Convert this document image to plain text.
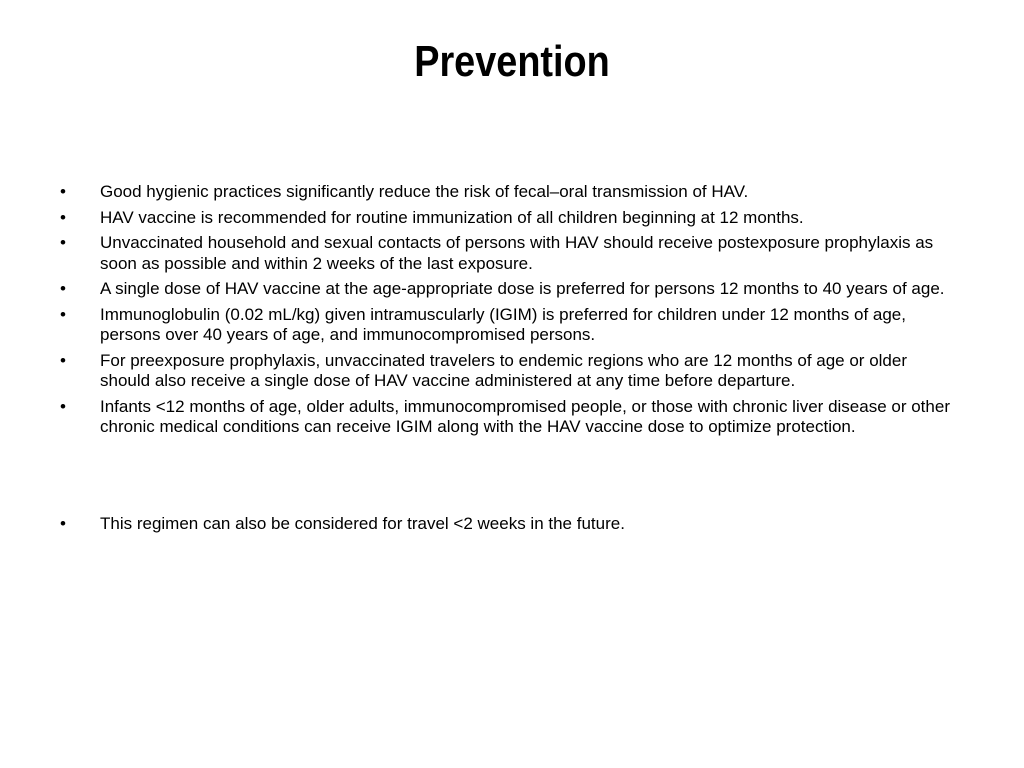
Prevention
•	Good hygienic practices significantly reduce the risk of fecal–oral transmission of HAV.
•	HAV vaccine is recommended for routine immunization of all children beginning at 12 months.
•	Unvaccinated household and sexual contacts of persons with HAV should receive postexposure prophylaxis as soon as possible and within 2 weeks of the last exposure.
•	A single dose of HAV vaccine at the age-appropriate dose is preferred for persons 12 months to 40 years of age.
•	Immunoglobulin (0.02 mL/kg) given intramuscularly (IGIM) is preferred for children under 12 months of age, persons over 40 years of age, and immunocompromised persons.
•	For preexposure prophylaxis, unvaccinated travelers to endemic regions who are 12 months of age or older should also receive a single dose of HAV vaccine administered at any time before departure.
•	Infants <12 months of age, older adults, immunocompromised people, or those with chronic liver disease or other chronic medical conditions can receive IGIM along with the HAV vaccine dose to optimize protection.
•	This regimen can also be considered for travel <2 weeks in the future.
